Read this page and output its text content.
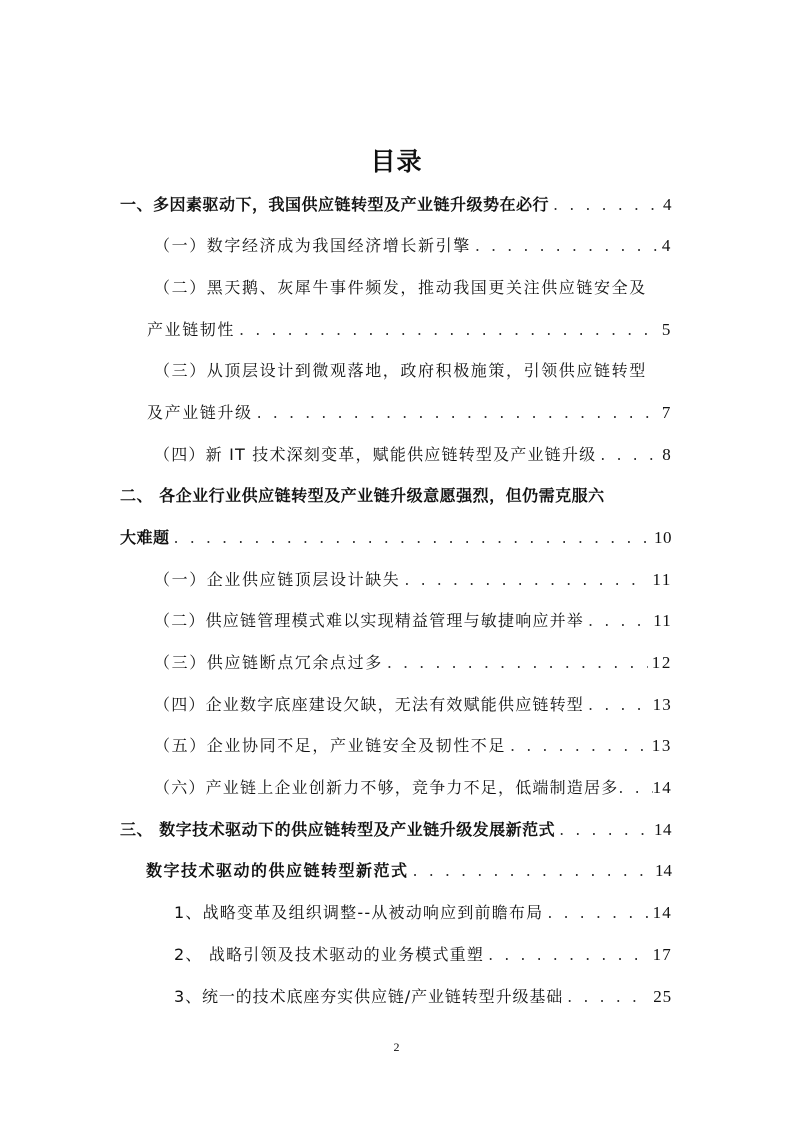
目录
一、多因素驱动下，我国供应链转型及产业链升级势在必行 . . .	4
（一）数字经济成为我国经济增长新引擎 . . .	4
（二）黑天鹅、灰犀牛事件频发，推动我国更关注供应链安全及
产业链韧性 . . .	5
（三）从顶层设计到微观落地，政府积极施策，引领供应链转型
及产业链升级 . . .	7
（四）新 IT 技术深刻变革，赋能供应链转型及产业链升级 . . .	8
二、 各企业行业供应链转型及产业链升级意愿强烈，但仍需克服六
大难题 . . .	10
（一）企业供应链顶层设计缺失 . . .	11
（二）供应链管理模式难以实现精益管理与敏捷响应并举 . . .	11
（三）供应链断点冗余点过多 . . .	12
（四）企业数字底座建设欠缺，无法有效赋能供应链转型 . . .	13
（五）企业协同不足，产业链安全及韧性不足 . . .	13
（六）产业链上企业创新力不够，竞争力不足，低端制造居多 . . . 14
三、 数字技术驱动下的供应链转型及产业链升级发展新范式 . . .	14
数字技术驱动的供应链转型新范式 . . .	14
1、战略变革及组织调整--从被动响应到前瞻布局 . . .	14
2、 战略引领及技术驱动的业务模式重塑 . . .	17
3、统一的技术底座夯实供应链/产业链转型升级基础 . . .	25
2
